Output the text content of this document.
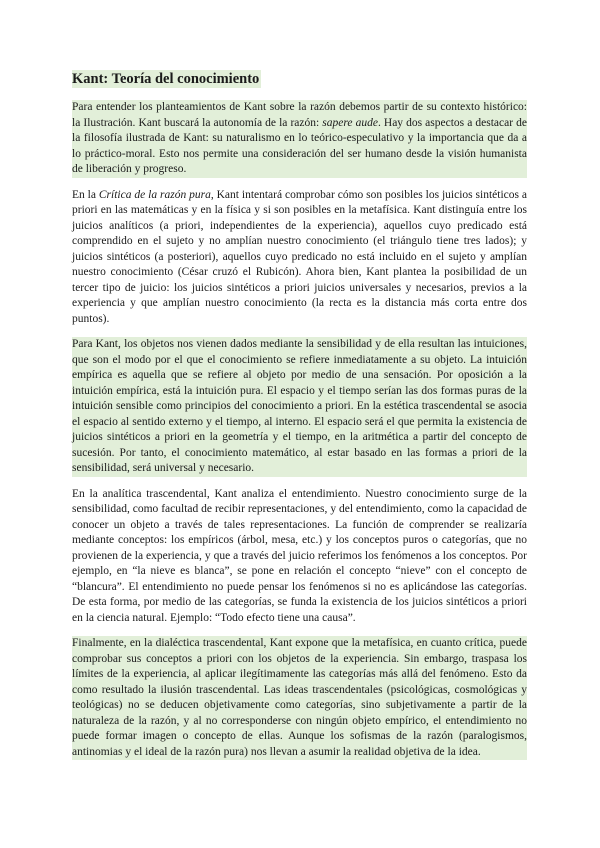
Kant: Teoría del conocimiento

Para entender los planteamientos de Kant sobre la razón debemos partir de su contexto histórico: la Ilustración. Kant buscará la autonomía de la razón: sapere aude. Hay dos aspectos a destacar de la filosofía ilustrada de Kant: su naturalismo en lo teórico-especulativo y la importancia que da a lo práctico-moral. Esto nos permite una consideración del ser humano desde la visión humanista de liberación y progreso.

En la Crítica de la razón pura, Kant intentará comprobar cómo son posibles los juicios sintéticos a priori en las matemáticas y en la física y si son posibles en la metafísica. Kant distinguía entre los juicios analíticos (a priori, independientes de la experiencia), aquellos cuyo predicado está comprendido en el sujeto y no amplían nuestro conocimiento (el triángulo tiene tres lados); y juicios sintéticos (a posteriori), aquellos cuyo predicado no está incluido en el sujeto y amplían nuestro conocimiento (César cruzó el Rubicón). Ahora bien, Kant plantea la posibilidad de un tercer tipo de juicio: los juicios sintéticos a priori juicios universales y necesarios, previos a la experiencia y que amplían nuestro conocimiento (la recta es la distancia más corta entre dos puntos).

Para Kant, los objetos nos vienen dados mediante la sensibilidad y de ella resultan las intuiciones, que son el modo por el que el conocimiento se refiere inmediatamente a su objeto. La intuición empírica es aquella que se refiere al objeto por medio de una sensación. Por oposición a la intuición empírica, está la intuición pura. El espacio y el tiempo serían las dos formas puras de la intuición sensible como principios del conocimiento a priori. En la estética trascendental se asocia el espacio al sentido externo y el tiempo, al interno. El espacio será el que permita la existencia de juicios sintéticos a priori en la geometría y el tiempo, en la aritmética a partir del concepto de sucesión. Por tanto, el conocimiento matemático, al estar basado en las formas a priori de la sensibilidad, será universal y necesario.

En la analítica trascendental, Kant analiza el entendimiento. Nuestro conocimiento surge de la sensibilidad, como facultad de recibir representaciones, y del entendimiento, como la capacidad de conocer un objeto a través de tales representaciones. La función de comprender se realizaría mediante conceptos: los empíricos (árbol, mesa, etc.) y los conceptos puros o categorías, que no provienen de la experiencia, y que a través del juicio referimos los fenómenos a los conceptos. Por ejemplo, en “la nieve es blanca”, se pone en relación el concepto “nieve” con el concepto de “blancura”. El entendimiento no puede pensar los fenómenos si no es aplicándose las categorías. De esta forma, por medio de las categorías, se funda la existencia de los juicios sintéticos a priori en la ciencia natural. Ejemplo: “Todo efecto tiene una causa”.

Finalmente, en la dialéctica trascendental, Kant expone que la metafísica, en cuanto crítica, puede comprobar sus conceptos a priori con los objetos de la experiencia. Sin embargo, traspasa los límites de la experiencia, al aplicar ilegítimamente las categorías más allá del fenómeno. Esto da como resultado la ilusión trascendental. Las ideas trascendentales (psicológicas, cosmológicas y teológicas) no se deducen objetivamente como categorías, sino subjetivamente a partir de la naturaleza de la razón, y al no corresponderse con ningún objeto empírico, el entendimiento no puede formar imagen o concepto de ellas. Aunque los sofismas de la razón (paralogismos, antinomias y el ideal de la razón pura) nos llevan a asumir la realidad objetiva de la idea.
